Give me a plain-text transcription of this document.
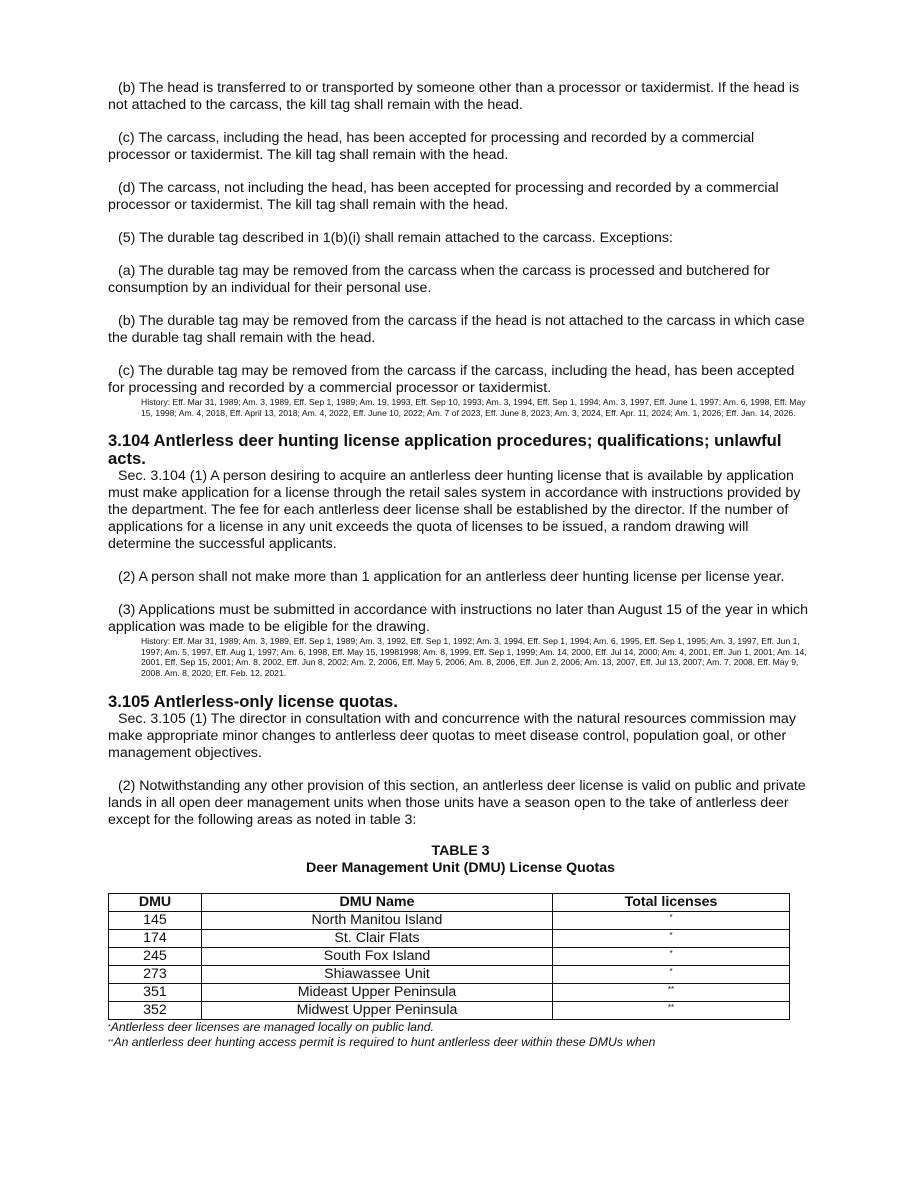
(b) The head is transferred to or transported by someone other than a processor or taxidermist. If the head is not attached to the carcass, the kill tag shall remain with the head.

(c) The carcass, including the head, has been accepted for processing and recorded by a commercial processor or taxidermist. The kill tag shall remain with the head.

(d) The carcass, not including the head, has been accepted for processing and recorded by a commercial processor or taxidermist. The kill tag shall remain with the head.

(5) The durable tag described in 1(b)(i) shall remain attached to the carcass. Exceptions:

(a) The durable tag may be removed from the carcass when the carcass is processed and butchered for consumption by an individual for their personal use.

(b) The durable tag may be removed from the carcass if the head is not attached to the carcass in which case the durable tag shall remain with the head.

(c) The durable tag may be removed from the carcass if the carcass, including the head, has been accepted for processing and recorded by a commercial processor or taxidermist.

History: Eff. Mar 31, 1989; Am. 3, 1989, Eff. Sep 1, 1989; Am. 19, 1993, Eff. Sep 10, 1993; Am. 3, 1994, Eff. Sep 1, 1994; Am. 3, 1997, Eff. June 1, 1997; Am. 6, 1998, Eff. May 15, 1998; Am. 4, 2018, Eff. April 13, 2018; Am. 4, 2022, Eff. June 10, 2022; Am. 7 of 2023, Eff. June 8, 2023; Am. 3, 2024, Eff. Apr. 11, 2024; Am. 1, 2026; Eff. Jan. 14, 2026.
3.104 Antlerless deer hunting license application procedures; qualifications; unlawful acts.

Sec. 3.104 (1) A person desiring to acquire an antlerless deer hunting license that is available by application must make application for a license through the retail sales system in accordance with instructions provided by the department. The fee for each antlerless deer license shall be established by the director. If the number of applications for a license in any unit exceeds the quota of licenses to be issued, a random drawing will determine the successful applicants.

(2) A person shall not make more than 1 application for an antlerless deer hunting license per license year.

(3) Applications must be submitted in accordance with instructions no later than August 15 of the year in which application was made to be eligible for the drawing.

History: Eff. Mar 31, 1989; Am. 3, 1989, Eff. Sep 1, 1989; Am. 3, 1992, Eff. Sep 1, 1992; Am. 3, 1994, Eff. Sep 1, 1994; Am. 6, 1995, Eff. Sep 1, 1995; Am. 3, 1997, Eff. Jun 1, 1997; Am. 5, 1997, Eff. Aug 1, 1997; Am. 6, 1998, Eff. May 15, 19981998; Am. 8, 1999, Eff. Sep 1, 1999; Am. 14, 2000, Eff. Jul 14, 2000; Am. 4, 2001, Eff. Jun 1, 2001; Am. 14, 2001, Eff. Sep 15, 2001; Am. 8, 2002, Eff. Jun 8, 2002; Am. 2, 2006, Eff. May 5, 2006; Am. 8, 2006, Eff. Jun 2, 2006; Am. 13, 2007, Eff. Jul 13, 2007; Am. 7, 2008, Eff. May 9, 2008. Am. 8, 2020; Eff. Feb. 12, 2021.
3.105 Antlerless-only license quotas.

Sec. 3.105 (1) The director in consultation with and concurrence with the natural resources commission may make appropriate minor changes to antlerless deer quotas to meet disease control, population goal, or other management objectives.

(2) Notwithstanding any other provision of this section, an antlerless deer license is valid on public and private lands in all open deer management units when those units have a season open to the take of antlerless deer except for the following areas as noted in table 3:

TABLE 3
Deer Management Unit (DMU) License Quotas
DMU	DMU Name	Total licenses
145	North Manitou Island	*
174	St. Clair Flats	*
245	South Fox Island	*
273	Shiawassee Unit	*
351	Mideast Upper Peninsula	**
352	Midwest Upper Peninsula	**

*Antlerless deer licenses are managed locally on public land.

**An antlerless deer hunting access permit is required to hunt antlerless deer within these DMUs when
